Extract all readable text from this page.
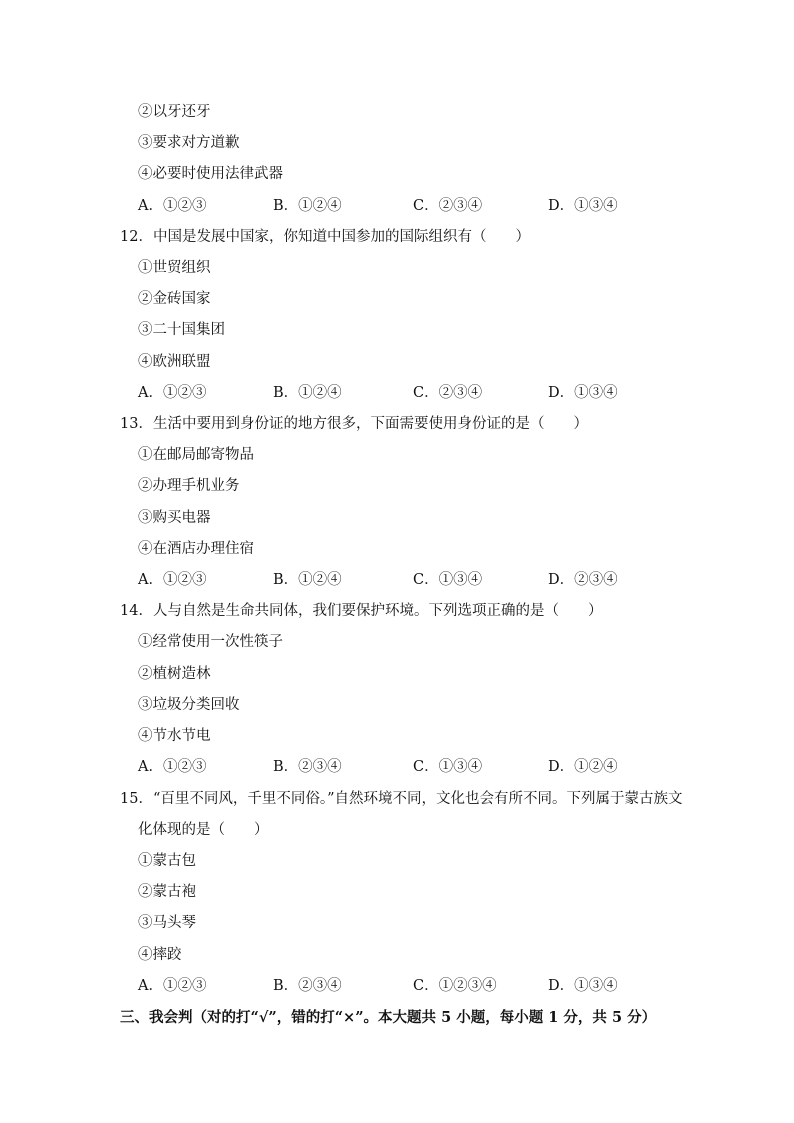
②以牙还牙
③要求对方道歉
④必要时使用法律武器
A．①②③	B．①②④	C．②③④	D．①③④
12．中国是发展中国家，你知道中国参加的国际组织有（　　）
①世贸组织
②金砖国家
③二十国集团
④欧洲联盟
A．①②③	B．①②④	C．②③④	D．①③④
13．生活中要用到身份证的地方很多，下面需要使用身份证的是（　　）
①在邮局邮寄物品
②办理手机业务
③购买电器
④在酒店办理住宿
A．①②③	B．①②④	C．①③④	D．②③④
14．人与自然是生命共同体，我们要保护环境。下列选项正确的是（　　）
①经常使用一次性筷子
②植树造林
③垃圾分类回收
④节水节电
A．①②③	B．②③④	C．①③④	D．①②④
15．“百里不同风，千里不同俗。”自然环境不同，文化也会有所不同。下列属于蒙古族文
化体现的是（　　）
①蒙古包
②蒙古袍
③马头琴
④摔跤
A．①②③	B．②③④	C．①②③④	D．①③④
三、我会判（对的打“√”，错的打“×”。本大题共 5 小题，每小题 1 分，共 5 分）
